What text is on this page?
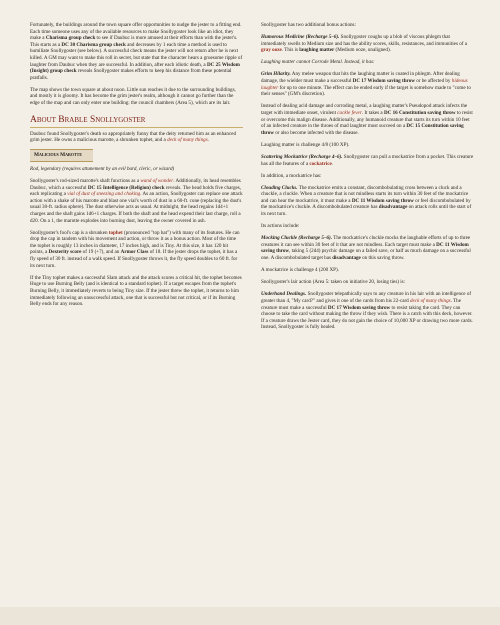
Fortunately, the buildings around the town square offer opportunities to nudge the jester to a fitting end. Each time someone uses any of the available resources to make Snollygoster look like an idiot, they make a Charisma group check to see if Daubuc is more amused at their efforts than with the jester's. This starts as a DC 30 Charisma group check and decreases by 1 each time a method is used to humiliate Snollygoster (see below). A successful check means the jester will not return after he is next killed. A GM may want to make this roll in secret, but state that the character hears a gruesome ripple of laughter from Daubuc when they are successful. In addition, after each idiotic death, a DC 25 Wisdom (Insight) group check reveals Snollygoster makes efforts to keep his distance from these potential pratfalls.

The map shows the town square at about noon. Little sun reaches it due to the surrounding buildings, and mostly it is gloomy. It has become the grim jester's realm, although it cannot go further than the edge of the map and can only enter one building: the council chambers (Area 5), which are its lair.

About Brable Snollygoster

Daubuc found Snollygoster's death so appropriately funny that the deity returned him as an enhanced grim jester. He owns a malicious marotte, a shrunken tophet, and a deck of many things.

Malicious Marotte

Rod, legendary (requires attunement by an evil bard, cleric, or wizard)

Snollygoster's rod-sized marotte's shaft functions as a wand of wonder. Additionally, its head resembles Daubuc, which a successful DC 15 Intelligence (Religion) check reveals. The head holds five charges, each replicating a vial of dust of sneezing and choking. As an action, Snollygoster can replace one attack action with a shake of his marotte and blast one vial's worth of dust in a 60-ft. cone (replacing the dust's usual 30-ft. radius sphere). The dust otherwise acts as usual. At midnight, the head regains 1d4+1 charges and the shaft gains 1d6+1 charges. If both the shaft and the head expend their last charge, roll a d20. On a 1, the marotte explodes into burning dust, leaving the owner covered in ash.

Snollygoster's fool's cap is a shrunken tophet (pronounced "top hat") with many of its features. He can drop the cap in tandem with his movement and action, or throw it as a bonus action. Most of the time the tophet is roughly 13 inches in diameter, 17 inches high, and is Tiny. At this size, it has 120 hit points, a Dexterity score of 19 (+7), and an Armor Class of 18. If the jester drops the tophet, it has a fly speed of 30 ft. instead of a walk speed. If Snollygoster throws it, the fly speed doubles to 60 ft. for its next turn.

If the Tiny tophet makes a successful Slam attack and the attack scores a critical hit, the tophet becomes Huge to use Burning Belly (and is identical to a standard tophet). If a target escapes from the tophet's Burning Belly, it immediately reverts to being Tiny size. If the jester threw the tophet, it returns to him immediately following an unsuccessful attack, one that is successful but not critical, or if its Burning Belly ends for any reason.

Snollygoster has two additional bonus actions:

Humorous Medicine (Recharge 5–6). Snollygoster coughs up a blob of viscous phlegm that immediately swells to Medium size and has the ability scores, skills, resistances, and immunities of a gray ooze. This is laughing matter (Medium ooze, unaligned).

Laughing matter cannot Corrode Metal. Instead, it has:

Grim Hilarity. Any melee weapon that hits the laughing matter is coated in phlegm. After dealing damage, the wielder must make a successful DC 17 Wisdom saving throw or be affected by hideous laughter for up to one minute. The effect can be ended early if the target is somehow made to "come to their senses" (GM's discretion).

Instead of dealing acid damage and corroding metal, a laughing matter's Pseudopod attack infects the target with immediate onset, virulent cackle fever. It takes a DC 16 Constitution saving throw to resist or overcome this malign disease. Additionally, any humanoid creature that starts its turn within 10 feet of an infected creature in the throes of mad laughter must succeed on a DC 15 Constitution saving throw or also become infected with the disease.

Laughing matter is challenge 4/8 (100 XP).

Scattering Mockatrice (Recharge 4–6). Snollygoster can pull a mockatrice from a pocket. This creature has all the features of a cockatrice.

In addition, a mockatrice has:

Clouding Clucks. The mockatrice emits a constant, discombobulating cross between a cluck and a chuckle, a cluckle. When a creature that is not mindless starts its turn within 30 feet of the mockatrice and can hear the mockatrice, it must make a DC 11 Wisdom saving throw or feel discombobulated by the mockatrice's cluckle. A discombobulated creature has disadvantage on attack rolls until the start of its next turn.

Its actions include:

Mocking Cluckle (Recharge 5–6). The mockatrice's cluckle mocks the laughable efforts of up to three creatures it can see within 30 feet of it that are not mindless. Each target must make a DC 11 Wisdom saving throw, taking 5 (2d4) psychic damage on a failed save, or half as much damage on a successful one. A discombobulated target has disadvantage on this saving throw.

A mockatrice is challenge 4 (200 XP).

Snollygoster's lair action (Area 5: taken on initiative 20, losing ties) is:

Underhand Dealings. Snollygoster telepathically says to any creature in his lair with an intelligence of greater than 4, "My card?" and gives it one of the cards from his 22-card deck of many things. The creature must make a successful DC 17 Wisdom saving throw to resist taking the card. They can choose to take the card without making the throw if they wish. There is a catch with this deck, however. If a creature draws the Jester card, they do not gain the choice of 10,000 XP or drawing two more cards. Instead, Snollygoster is fully healed.
